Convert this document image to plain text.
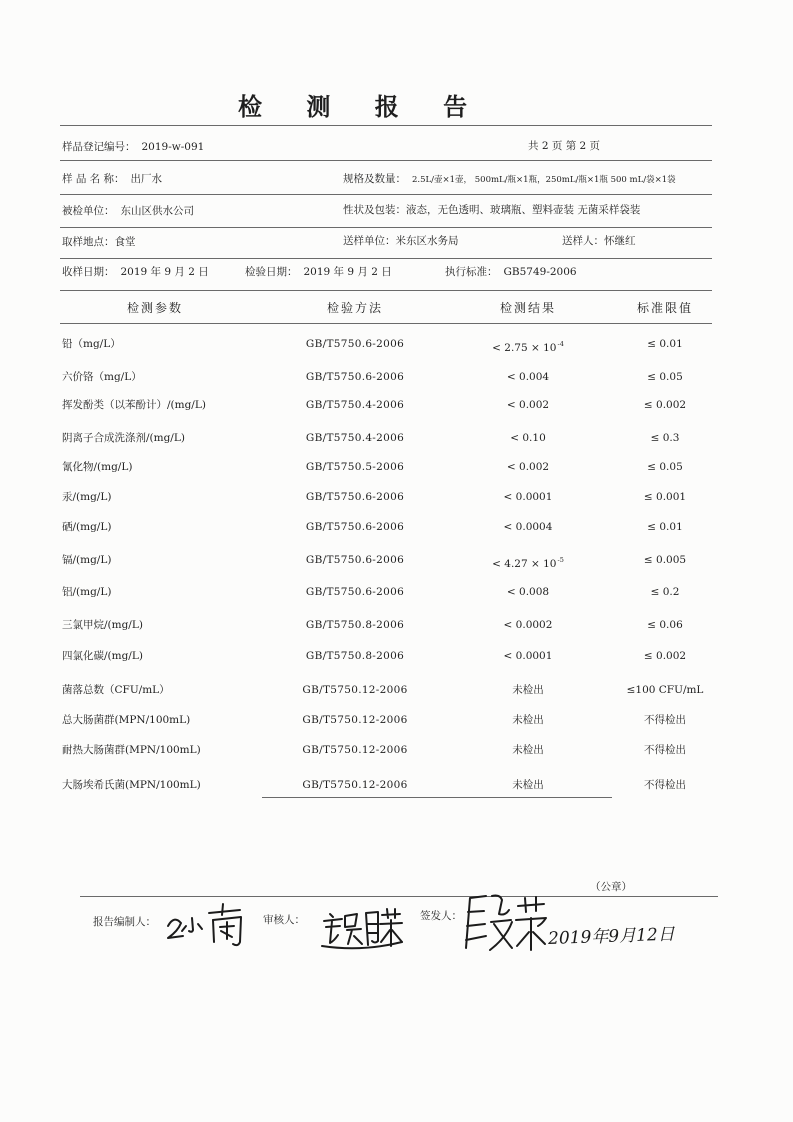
检 测 报 告
样品登记编号： 2019-w-091	共 2 页 第 2 页
样 品 名 称： 出厂水	规格及数量： 2.5L/壶×1壶， 500mL/瓶×1瓶，250mL/瓶×1瓶 500 mL/袋×1袋
被检单位： 东山区供水公司	性状及包装：液态，无色透明、玻璃瓶、塑料壶装 无菌采样袋装
取样地点：食堂	送样单位：米东区水务局	送样人：怀继红
收样日期： 2019 年 9 月 2 日	检验日期： 2019 年 9 月 2 日	执行标准： GB5749-2006
检测参数	检验方法	检测结果	标准限值
铅（mg/L）	GB/T5750.6-2006	< $2.75 \times 10^{-4}$	≤ 0.01
六价铬（mg/L）	GB/T5750.6-2006	< 0.004	≤ 0.05
挥发酚类（以苯酚计）/(mg/L)	GB/T5750.4-2006	< 0.002	≤ 0.002
阴离子合成洗涤剂/(mg/L)	GB/T5750.4-2006	< 0.10	≤ 0.3
氰化物/(mg/L)	GB/T5750.5-2006	< 0.002	≤ 0.05
汞/(mg/L)	GB/T5750.6-2006	< 0.0001	≤ 0.001
硒/(mg/L)	GB/T5750.6-2006	< 0.0004	≤ 0.01
镉/(mg/L)	GB/T5750.6-2006	< $4.27 \times 10^{-5}$	≤ 0.005
铝/(mg/L)	GB/T5750.6-2006	< 0.008	≤ 0.2
三氯甲烷/(mg/L)	GB/T5750.8-2006	< 0.0002	≤ 0.06
四氯化碳/(mg/L)	GB/T5750.8-2006	< 0.0001	≤ 0.002
菌落总数（CFU/mL）	GB/T5750.12-2006	未检出	≤100 CFU/mL
总大肠菌群(MPN/100mL)	GB/T5750.12-2006	未检出	不得检出
耐热大肠菌群(MPN/100mL)	GB/T5750.12-2006	未检出	不得检出
大肠埃希氏菌(MPN/100mL)	GB/T5750.12-2006	未检出	不得检出
（公章）
报告编制人：	审核人：	签发人：
2019年9月12日
